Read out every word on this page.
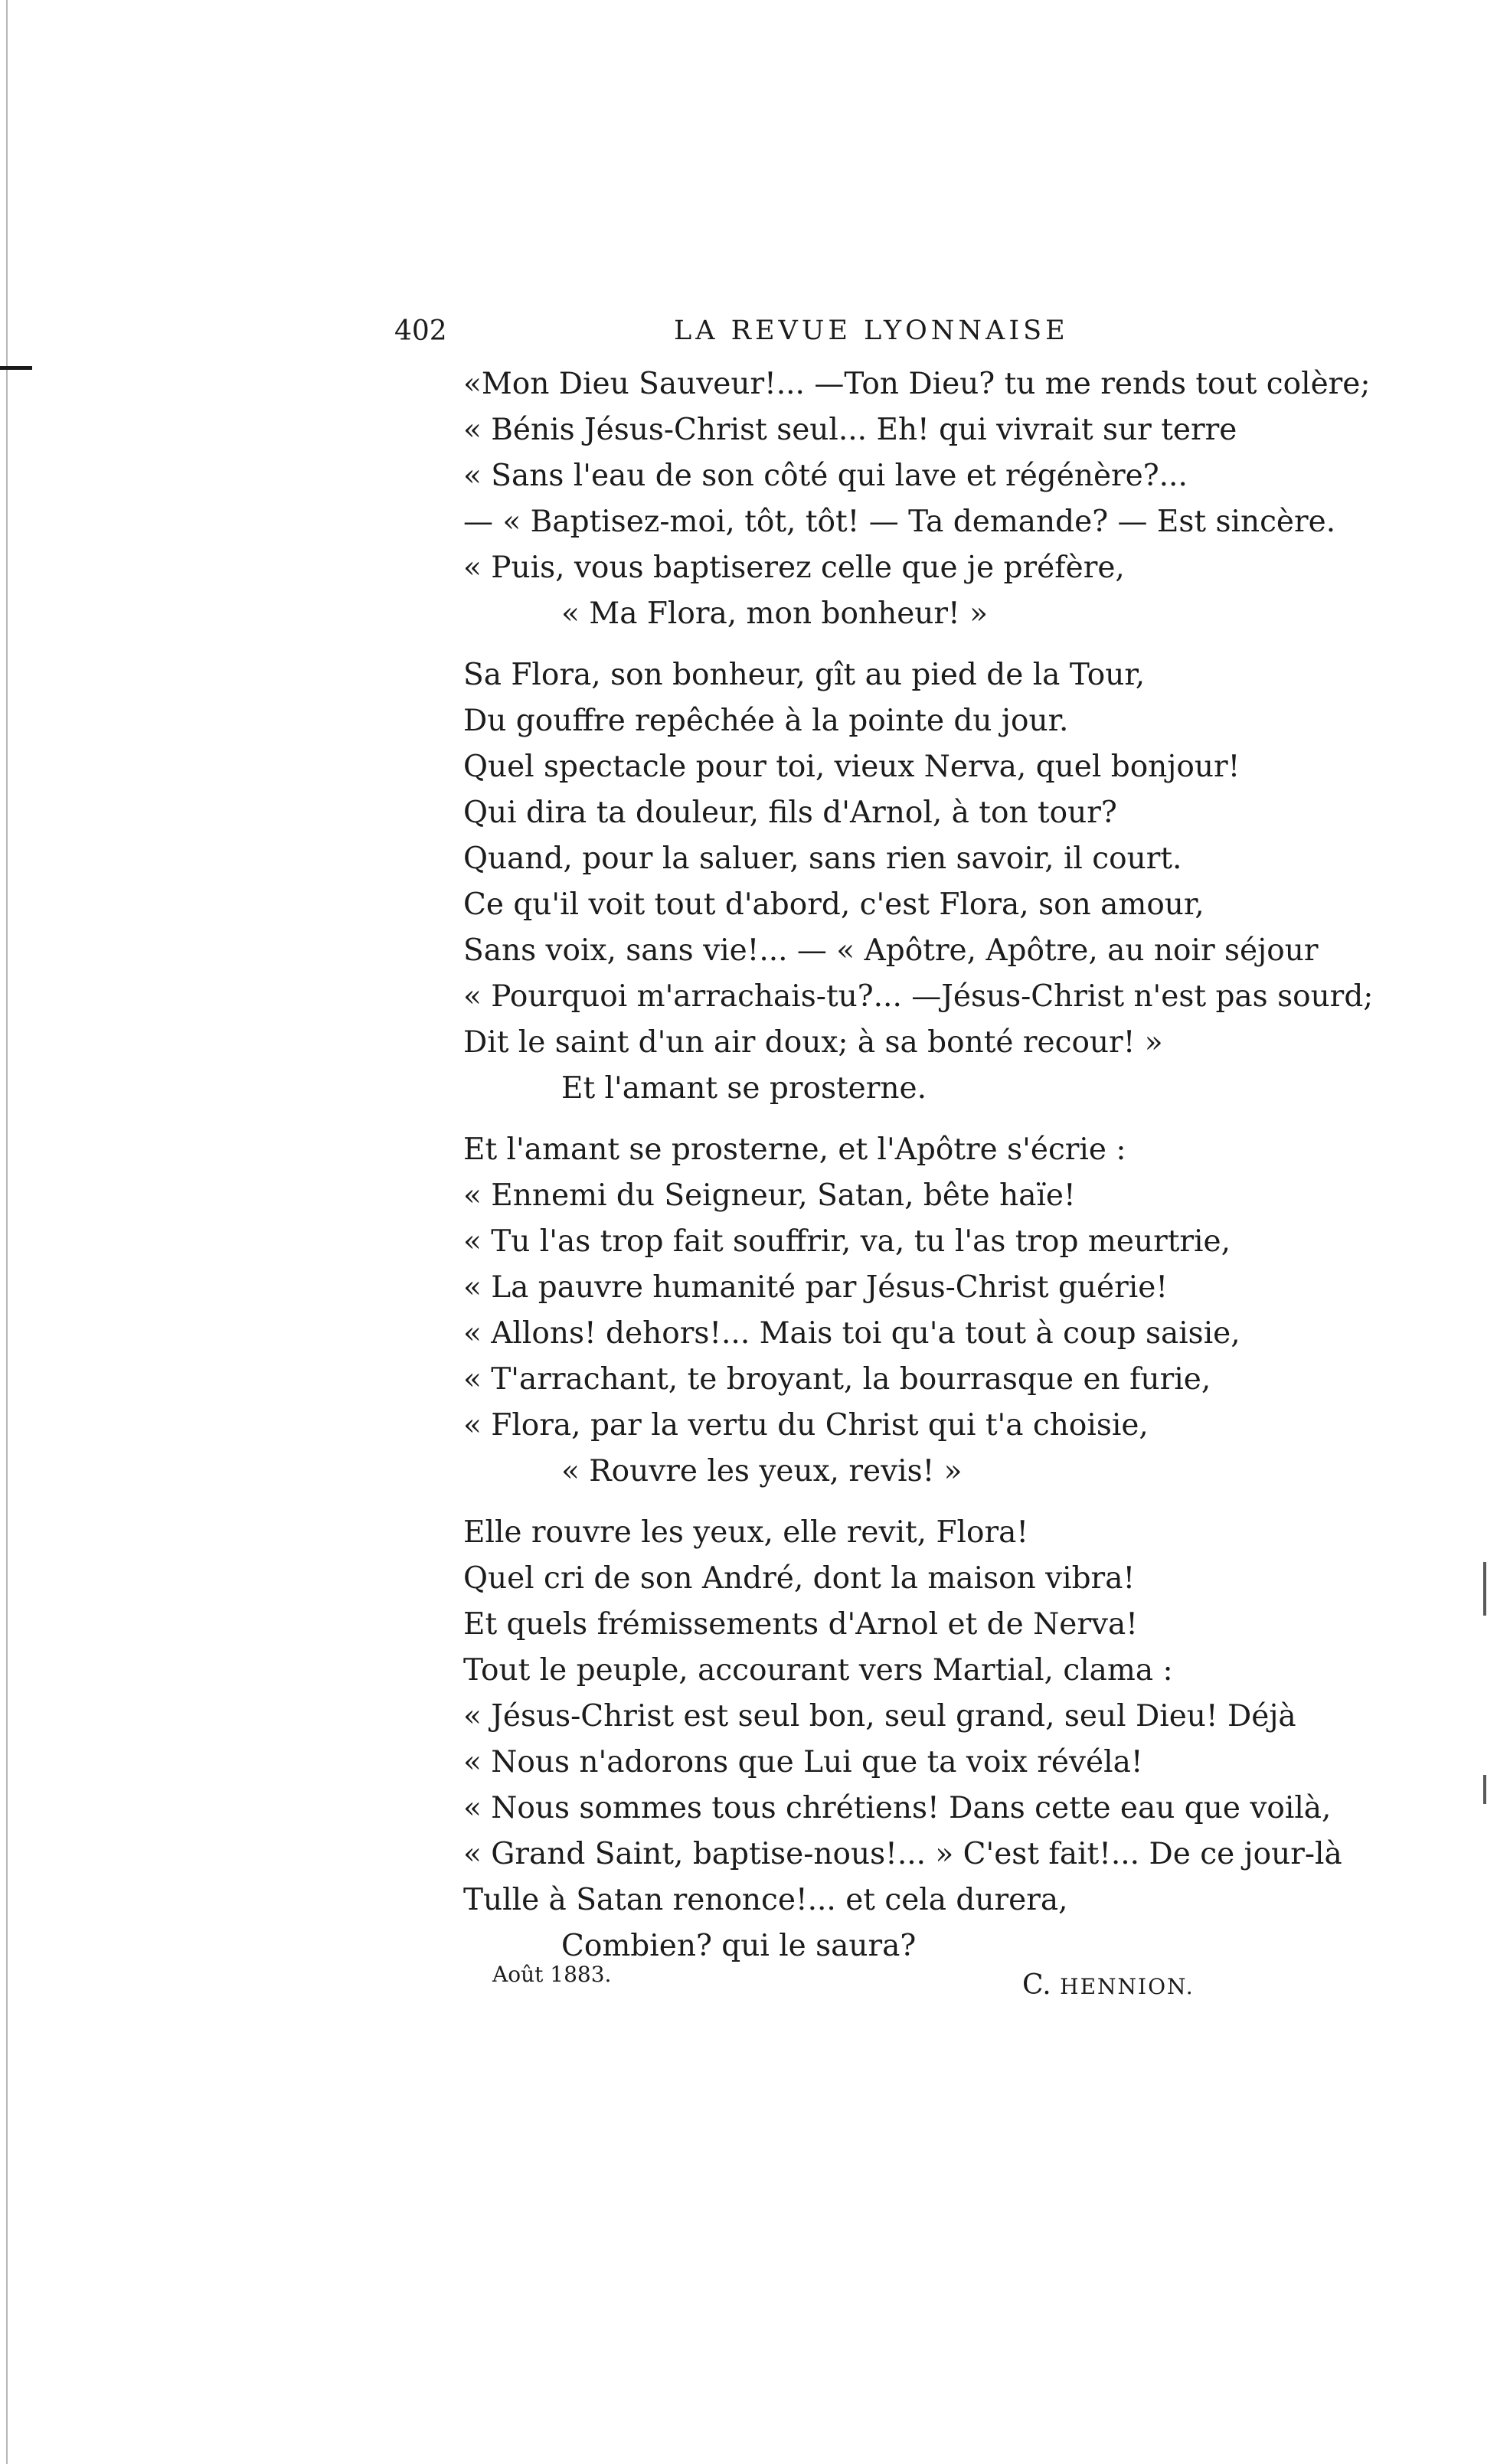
402	LA REVUE LYONNAISE
«Mon Dieu Sauveur!... —Ton Dieu? tu me rends tout colère;
« Bénis Jésus-Christ seul... Eh! qui vivrait sur terre
« Sans l'eau de son côté qui lave et régénère?...
— « Baptisez-moi, tôt, tôt! — Ta demande? — Est sincère.
« Puis, vous baptiserez celle que je préfère,
« Ma Flora, mon bonheur! »
Sa Flora, son bonheur, gît au pied de la Tour,
Du gouffre repêchée à la pointe du jour.
Quel spectacle pour toi, vieux Nerva, quel bonjour!
Qui dira ta douleur, fils d'Arnol, à ton tour?
Quand, pour la saluer, sans rien savoir, il court.
Ce qu'il voit tout d'abord, c'est Flora, son amour,
Sans voix, sans vie!... — « Apôtre, Apôtre, au noir séjour
« Pourquoi m'arrachais-tu?... —Jésus-Christ n'est pas sourd;
Dit le saint d'un air doux; à sa bonté recour! »
Et l'amant se prosterne.
Et l'amant se prosterne, et l'Apôtre s'écrie :
« Ennemi du Seigneur, Satan, bête haïe!
« Tu l'as trop fait souffrir, va, tu l'as trop meurtrie,
« La pauvre humanité par Jésus-Christ guérie!
« Allons! dehors!... Mais toi qu'a tout à coup saisie,
« T'arrachant, te broyant, la bourrasque en furie,
« Flora, par la vertu du Christ qui t'a choisie,
« Rouvre les yeux, revis! »
Elle rouvre les yeux, elle revit, Flora!
Quel cri de son André, dont la maison vibra!
Et quels frémissements d'Arnol et de Nerva!
Tout le peuple, accourant vers Martial, clama :
« Jésus-Christ est seul bon, seul grand, seul Dieu! Déjà
« Nous n'adorons que Lui que ta voix révéla!
« Nous sommes tous chrétiens! Dans cette eau que voilà,
« Grand Saint, baptise-nous!... » C'est fait!... De ce jour-là
Tulle à Satan renonce!... et cela durera,
Combien? qui le saura?
C. HENNION.
Août 1883.
